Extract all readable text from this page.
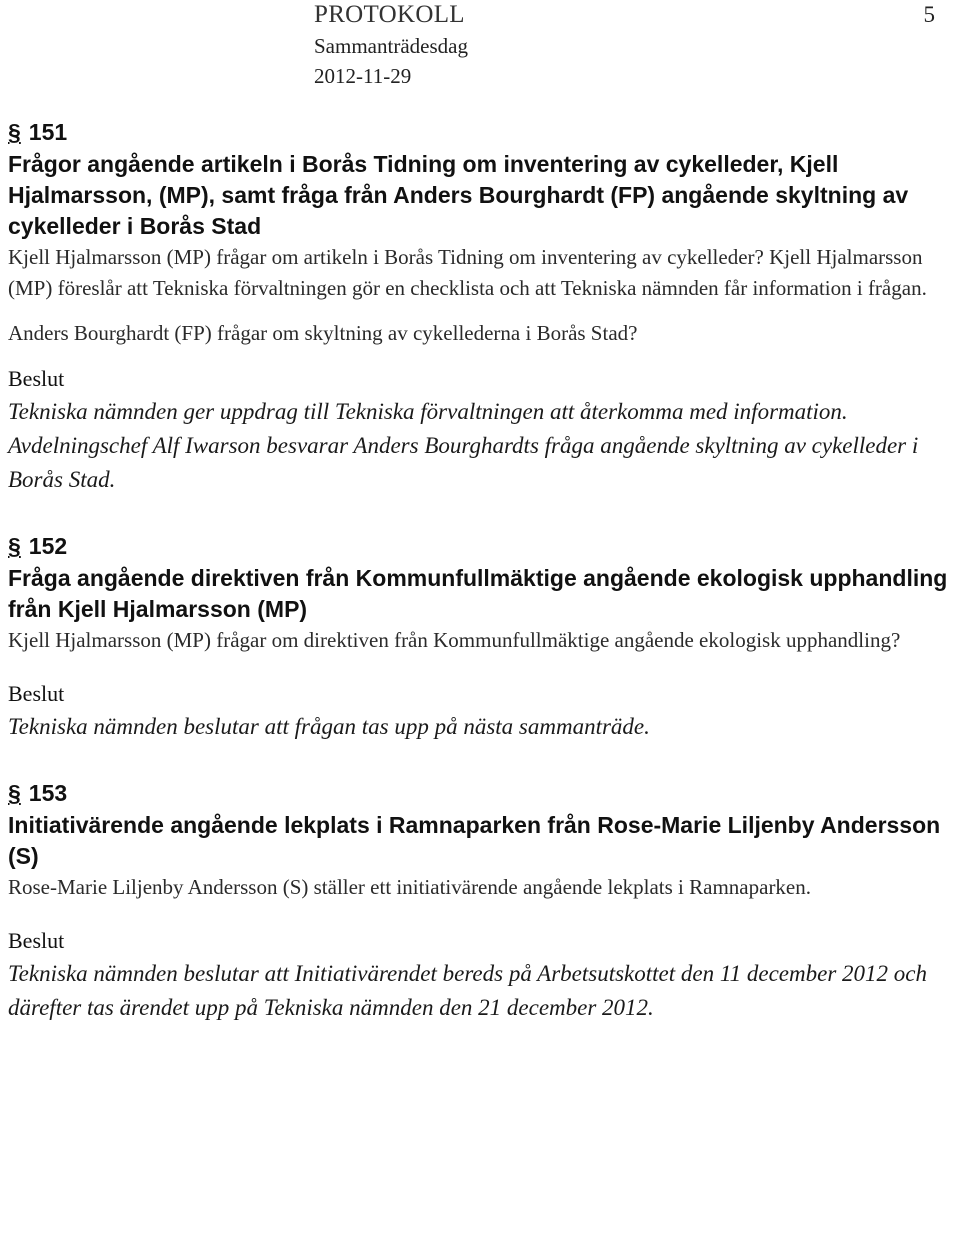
PROTOKOLL
Sammanträdesdag
2012-11-29
5

§ 151

Frågor angående artikeln i Borås Tidning om inventering av cykelleder, Kjell Hjalmarsson, (MP), samt fråga från Anders Bourghardt (FP) angående skyltning av cykelleder i Borås Stad

Kjell Hjalmarsson (MP) frågar om artikeln i Borås Tidning om inventering av cykelleder? Kjell Hjalmarsson (MP) föreslår att Tekniska förvaltningen gör en checklista och att Tekniska nämnden får information i frågan.

Anders Bourghardt (FP) frågar om skyltning av cykellederna i Borås Stad?

Beslut

Tekniska nämnden ger uppdrag till Tekniska förvaltningen att återkomma med information.

Avdelningschef Alf Iwarson besvarar Anders Bourghardts fråga angående skyltning av cykelleder i Borås Stad.

§ 152

Fråga angående direktiven från Kommunfullmäktige angående ekologisk upphandling från Kjell Hjalmarsson (MP)

Kjell Hjalmarsson (MP) frågar om direktiven från Kommunfullmäktige angående ekologisk upphandling?

Beslut

Tekniska nämnden beslutar att frågan tas upp på nästa sammanträde.

§ 153

Initiativärende angående lekplats i Ramnaparken från Rose-Marie Liljenby Andersson (S)

Rose-Marie Liljenby Andersson (S) ställer ett initiativärende angående lekplats i Ramnaparken.

Beslut

Tekniska nämnden beslutar att Initiativärendet bereds på Arbetsutskottet den 11 december 2012 och därefter tas ärendet upp på Tekniska nämnden den 21 december 2012.
